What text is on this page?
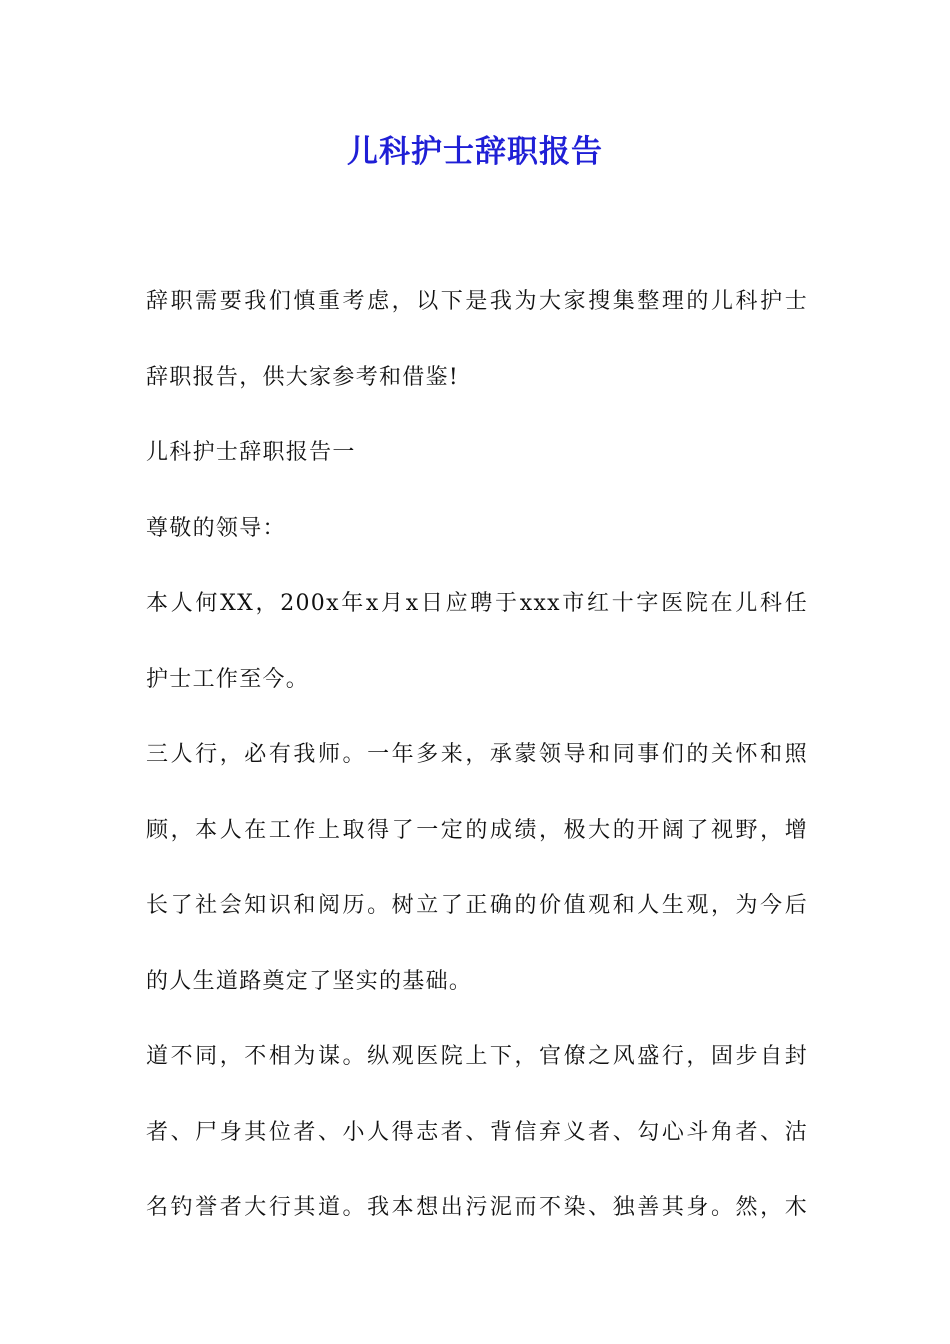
儿科护士辞职报告
辞职需要我们慎重考虑，以下是我为大家搜集整理的儿科护士
辞职报告，供大家参考和借鉴!
儿科护士辞职报告一
尊敬的领导：
本人何XX，200x年x月x日应聘于xxx市红十字医院在儿科任
护士工作至今。
三人行，必有我师。一年多来，承蒙领导和同事们的关怀和照
顾，本人在工作上取得了一定的成绩，极大的开阔了视野，增
长了社会知识和阅历。树立了正确的价值观和人生观，为今后
的人生道路奠定了坚实的基础。
道不同，不相为谋。纵观医院上下，官僚之风盛行，固步自封
者、尸身其位者、小人得志者、背信弃义者、勾心斗角者、沽
名钓誉者大行其道。我本想出污泥而不染、独善其身。然，木
